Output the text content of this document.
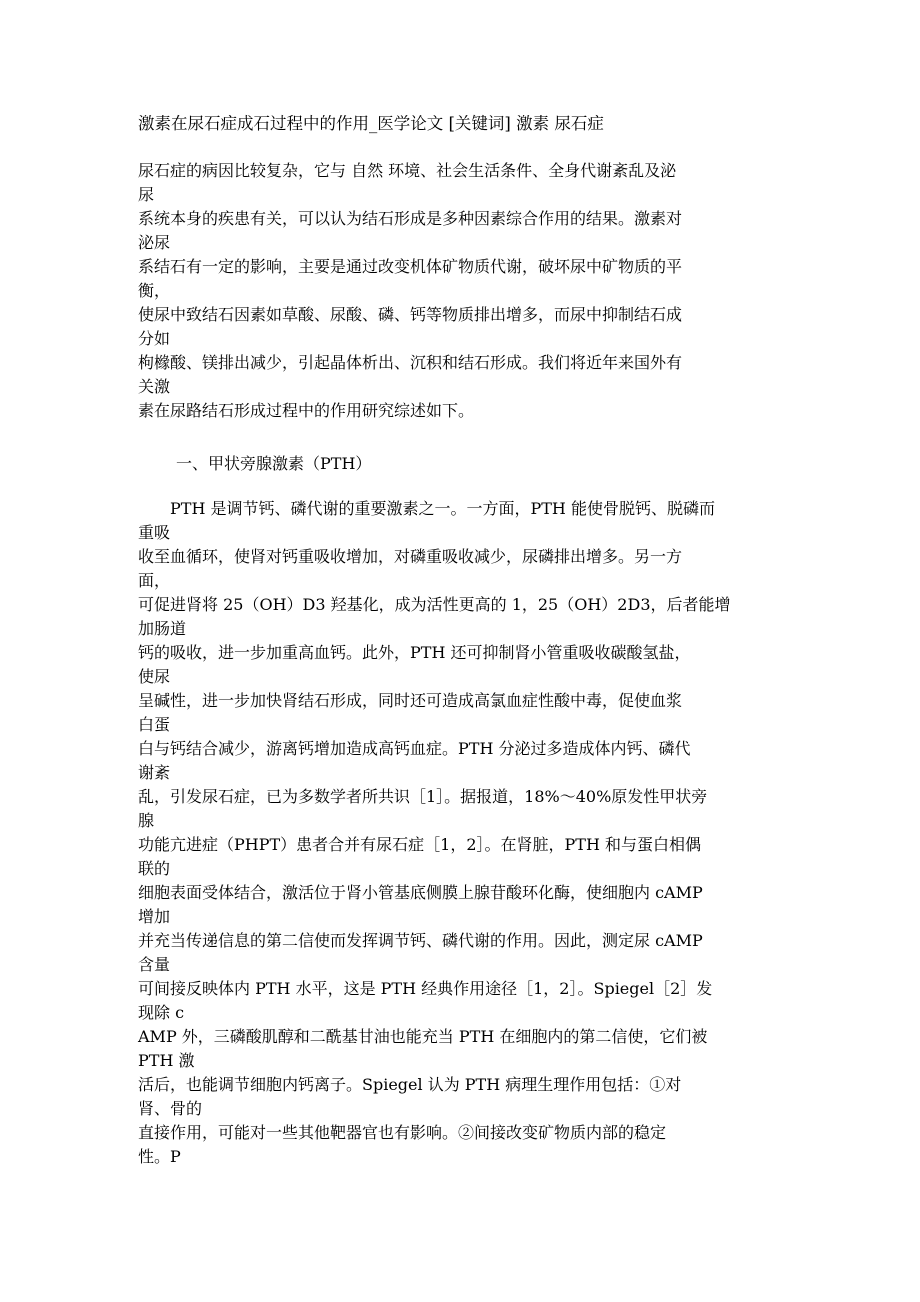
激素在尿石症成石过程中的作用_医学论文 [关键词] 激素 尿石症
尿石症的病因比较复杂，它与 自然 环境、社会生活条件、全身代谢紊乱及泌
尿
系统本身的疾患有关，可以认为结石形成是多种因素综合作用的结果。激素对
泌尿
系结石有一定的影响，主要是通过改变机体矿物质代谢，破坏尿中矿物质的平
衡，
使尿中致结石因素如草酸、尿酸、磷、钙等物质排出增多，而尿中抑制结石成
分如
枸橼酸、镁排出减少，引起晶体析出、沉积和结石形成。我们将近年来国外有
关激
素在尿路结石形成过程中的作用研究综述如下。
一、甲状旁腺激素（PTH）
　　PTH 是调节钙、磷代谢的重要激素之一。一方面，PTH 能使骨脱钙、脱磷而
重吸
收至血循环，使肾对钙重吸收增加，对磷重吸收减少，尿磷排出增多。另一方
面，
可促进肾将 25（OH）D3 羟基化，成为活性更高的 1，25（OH）2D3，后者能增
加肠道
钙的吸收，进一步加重高血钙。此外，PTH 还可抑制肾小管重吸收碳酸氢盐，
使尿
呈碱性，进一步加快肾结石形成，同时还可造成高氯血症性酸中毒，促使血浆
白蛋
白与钙结合减少，游离钙增加造成高钙血症。PTH 分泌过多造成体内钙、磷代
谢紊
乱，引发尿石症，已为多数学者所共识［1］。据报道，18%～40%原发性甲状旁
腺
功能亢进症（PHPT）患者合并有尿石症［1，2］。在肾脏，PTH 和与蛋白相偶
联的
细胞表面受体结合，激活位于肾小管基底侧膜上腺苷酸环化酶，使细胞内 cAMP
增加
并充当传递信息的第二信使而发挥调节钙、磷代谢的作用。因此，测定尿 cAMP
含量
可间接反映体内 PTH 水平，这是 PTH 经典作用途径［1，2］。Spiegel［2］发
现除 c
AMP 外，三磷酸肌醇和二酰基甘油也能充当 PTH 在细胞内的第二信使，它们被
PTH 激
活后，也能调节细胞内钙离子。Spiegel 认为 PTH 病理生理作用包括：①对
肾、骨的
直接作用，可能对一些其他靶器官也有影响。②间接改变矿物质内部的稳定
性。P
